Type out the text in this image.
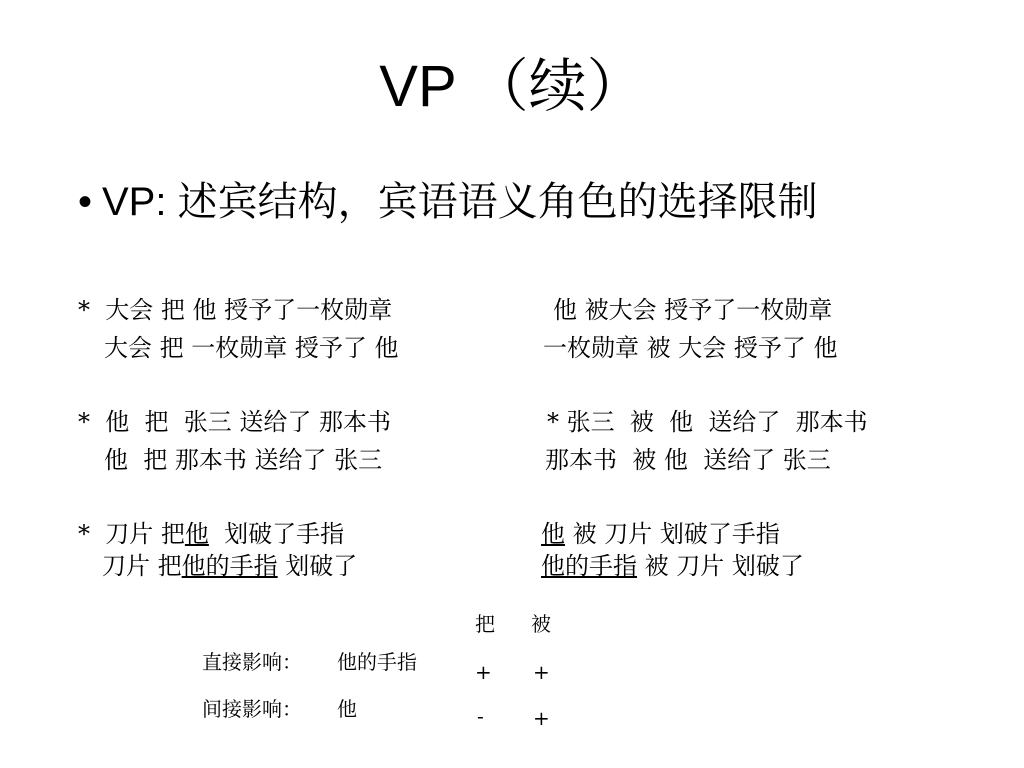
VP （续）
• VP: 述宾结构，宾语语义角色的选择限制
*  大会 把 他 授予了一枚勋章	他 被大会 授予了一枚勋章
大会 把 一枚勋章 授予了 他	一枚勋章 被 大会 授予了 他
*  他  把  张三 送给了 那本书	* 张三  被  他  送给了  那本书
他  把 那本书 送给了 张三	那本书  被 他  送给了 张三
*  刀片 把他  划破了手指	他 被 刀片 划破了手指
刀片 把他的手指 划破了	他的手指 被 刀片 划破了
把 被
直接影响： 他的手指	+ +
间接影响： 他	- +
